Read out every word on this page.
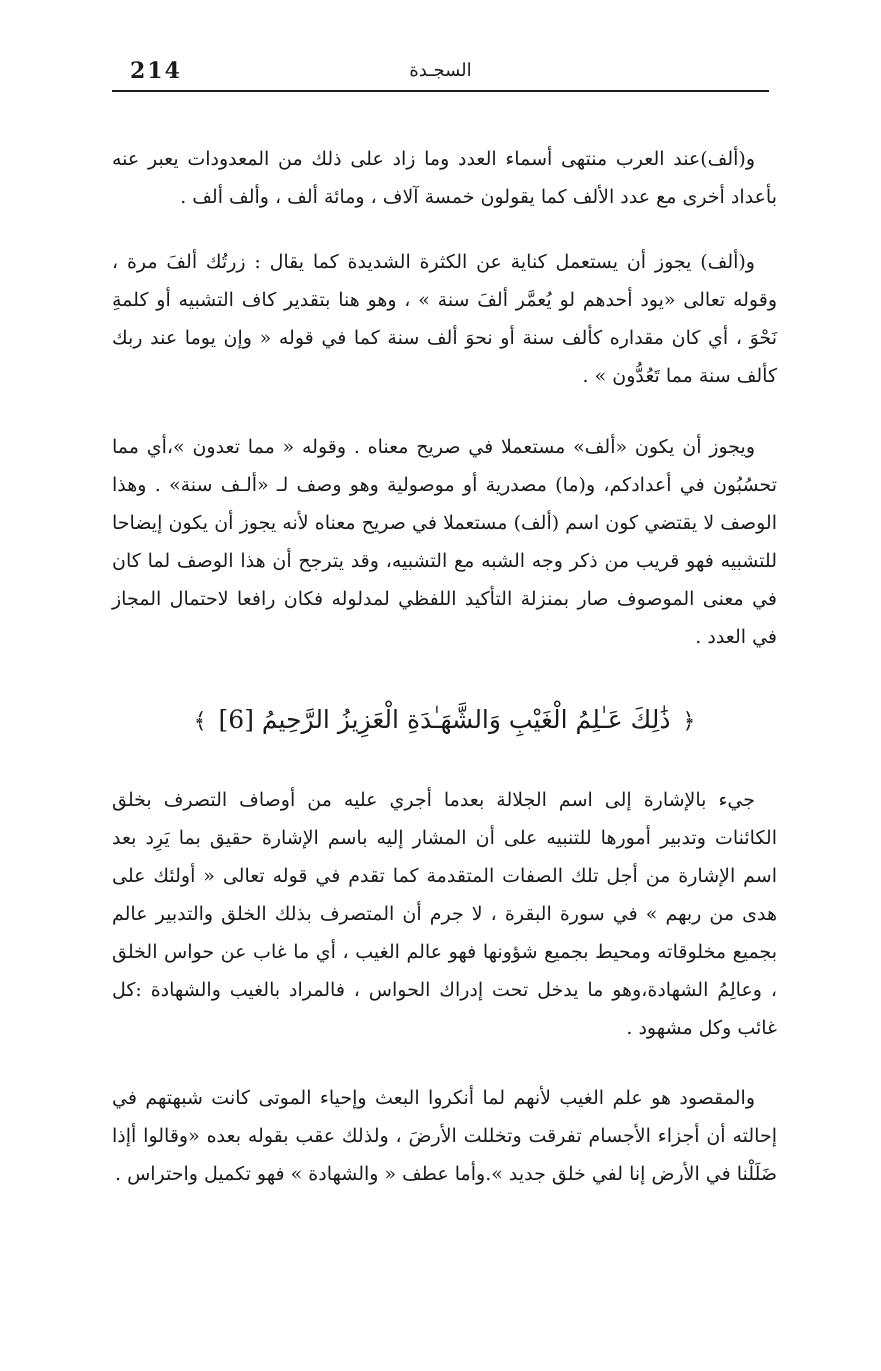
214	السجـدة

و(ألف)عند العرب منتهى أسماء العدد وما زاد على ذلك من المعدودات يعبر عنه بأعداد أخرى مع عدد الألف كما يقولون خمسة آلاف ، ومائة ألف ، وألف ألف .

و(ألف) يجوز أن يستعمل كناية عن الكثرة الشديدة كما يقال : زرتُك ألفَ مرة ، وقوله تعالى «يود أحدهم لو يُعمَّر ألفَ سنة » ، وهو هنا بتقدير كاف التشبيه أو كلمةِ نَحْوَ ، أي كان مقداره كألف سنة أو نحوَ ألف سنة كما في قوله « وإن يوما عند ربك كألف سنة مما تَعُدُّون » .

ويجوز أن يكون «ألف» مستعملا في صريح معناه . وقوله « مما تعدون »،أي مما تحسُبُون في أعدادكم، و(ما) مصدرية أو موصولية وهو وصف لـ «ألـف سنة» . وهذا الوصف لا يقتضي كون اسم (ألف) مستعملا في صريح معناه لأنه يجوز أن يكون إيضاحا للتشبيه فهو قريب من ذكر وجه الشبه مع التشبيه، وقد يترجح أن هذا الوصف لما كان في معنى الموصوف صار بمنزلة التأكيد اللفظي لمدلوله فكان رافعا لاحتمال المجاز في العدد .

﴿ ذَٰلِكَ عَـٰلِمُ الْغَيْبِ وَالشَّهَـٰدَةِ الْعَزِيزُ الرَّحِيمُ [6] ﴾

جيء بالإشارة إلى اسم الجلالة بعدما أجري عليه من أوصاف التصرف بخلق الكائنات وتدبير أمورها للتنبيه على أن المشار إليه باسم الإشارة حقيق بما يَرِد بعد اسم الإشارة من أجل تلك الصفات المتقدمة كما تقدم في قوله تعالى « أولئك على هدى من ربهم » في سورة البقرة ، لا جرم أن المتصرف بذلك الخلق والتدبير عالم بجميع مخلوقاته ومحيط بجميع شؤونها فهو عالم الغيب ، أي ما غاب عن حواس الخلق ، وعالِمُ الشهادة،وهو ما يدخل تحت إدراك الحواس ، فالمراد بالغيب والشهادة :كل غائب وكل مشهود .

والمقصود هو علم الغيب لأنهم لما أنكروا البعث وإحياء الموتى كانت شبهتهم في إحالته أن أجزاء الأجسام تفرقت وتخللت الأرضَ ، ولذلك عقب بقوله بعده «وقالوا أإذا ضَلَلْنا في الأرض إنا لفي خلق جديد ».وأما عطف « والشهادة » فهو تكميل واحتراس .
